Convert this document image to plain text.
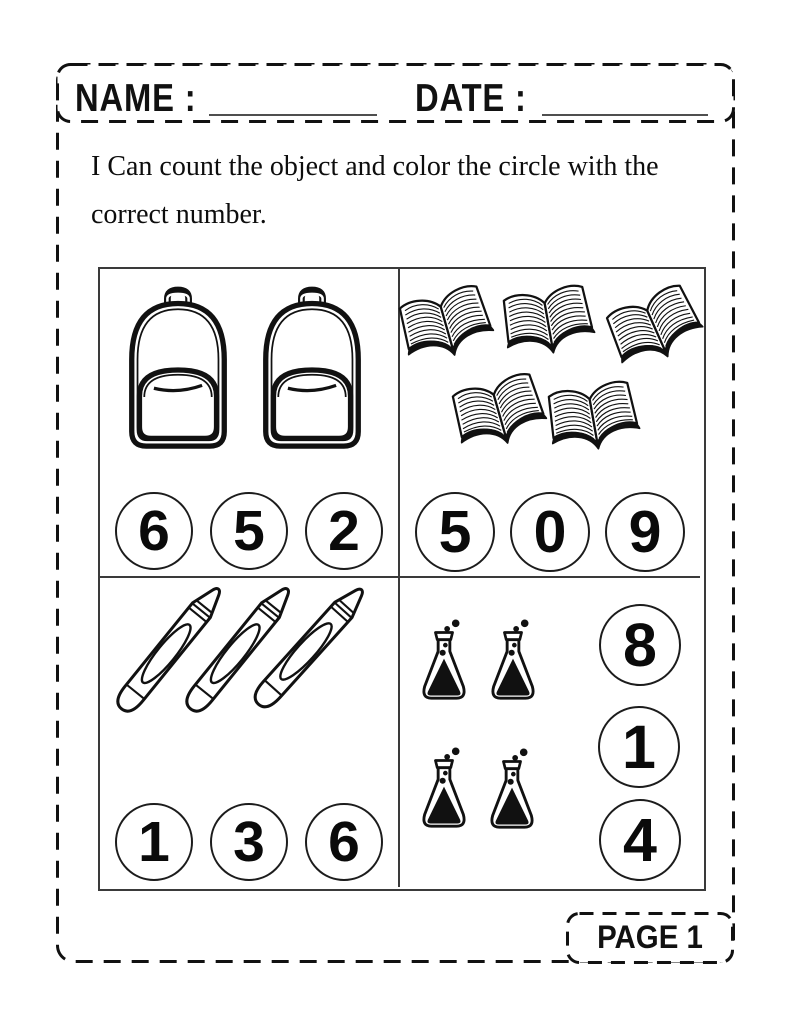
NAME :	DATE :
I Can count the object and color the circle with the
correct number.
6 5 2 5 0 9
1 3 6
8
1
4
PAGE 1
